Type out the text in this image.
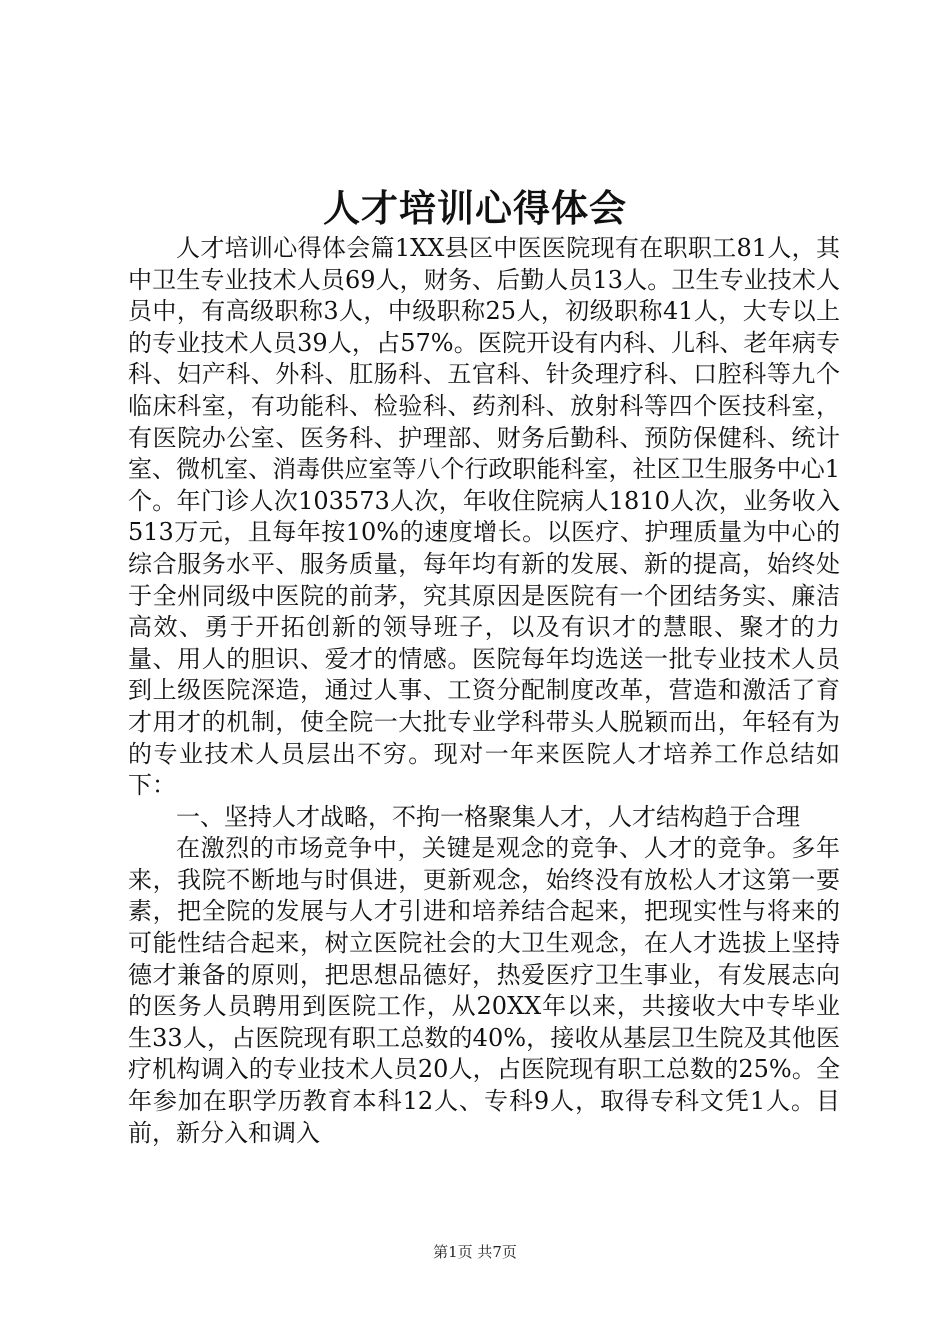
人才培训心得体会

人才培训心得体会篇1XX县区中医医院现有在职职工81人，其中卫生专业技术人员69人，财务、后勤人员13人。卫生专业技术人员中，有高级职称3人，中级职称25人，初级职称41人，大专以上的专业技术人员39人，占57%。医院开设有内科、儿科、老年病专科、妇产科、外科、肛肠科、五官科、针灸理疗科、口腔科等九个临床科室，有功能科、检验科、药剂科、放射科等四个医技科室，有医院办公室、医务科、护理部、财务后勤科、预防保健科、统计室、微机室、消毒供应室等八个行政职能科室，社区卫生服务中心1个。年门诊人次103573人次，年收住院病人1810人次，业务收入513万元，且每年按10%的速度增长。以医疗、护理质量为中心的综合服务水平、服务质量，每年均有新的发展、新的提高，始终处于全州同级中医院的前茅，究其原因是医院有一个团结务实、廉洁高效、勇于开拓创新的领导班子，以及有识才的慧眼、聚才的力量、用人的胆识、爱才的情感。医院每年均选送一批专业技术人员到上级医院深造，通过人事、工资分配制度改革，营造和激活了育才用才的机制，使全院一大批专业学科带头人脱颖而出，年轻有为的专业技术人员层出不穷。现对一年来医院人才培养工作总结如下：

一、坚持人才战略，不拘一格聚集人才，人才结构趋于合理

在激烈的市场竞争中，关键是观念的竞争、人才的竞争。多年来，我院不断地与时俱进，更新观念，始终没有放松人才这第一要素，把全院的发展与人才引进和培养结合起来，把现实性与将来的可能性结合起来，树立医院社会的大卫生观念，在人才选拔上坚持德才兼备的原则，把思想品德好，热爱医疗卫生事业，有发展志向的医务人员聘用到医院工作，从20XX年以来，共接收大中专毕业生33人，占医院现有职工总数的40%，接收从基层卫生院及其他医疗机构调入的专业技术人员20人，占医院现有职工总数的25%。全年参加在职学历教育本科12人、专科9人，取得专科文凭1人。目前，新分入和调入

第1页 共7页
